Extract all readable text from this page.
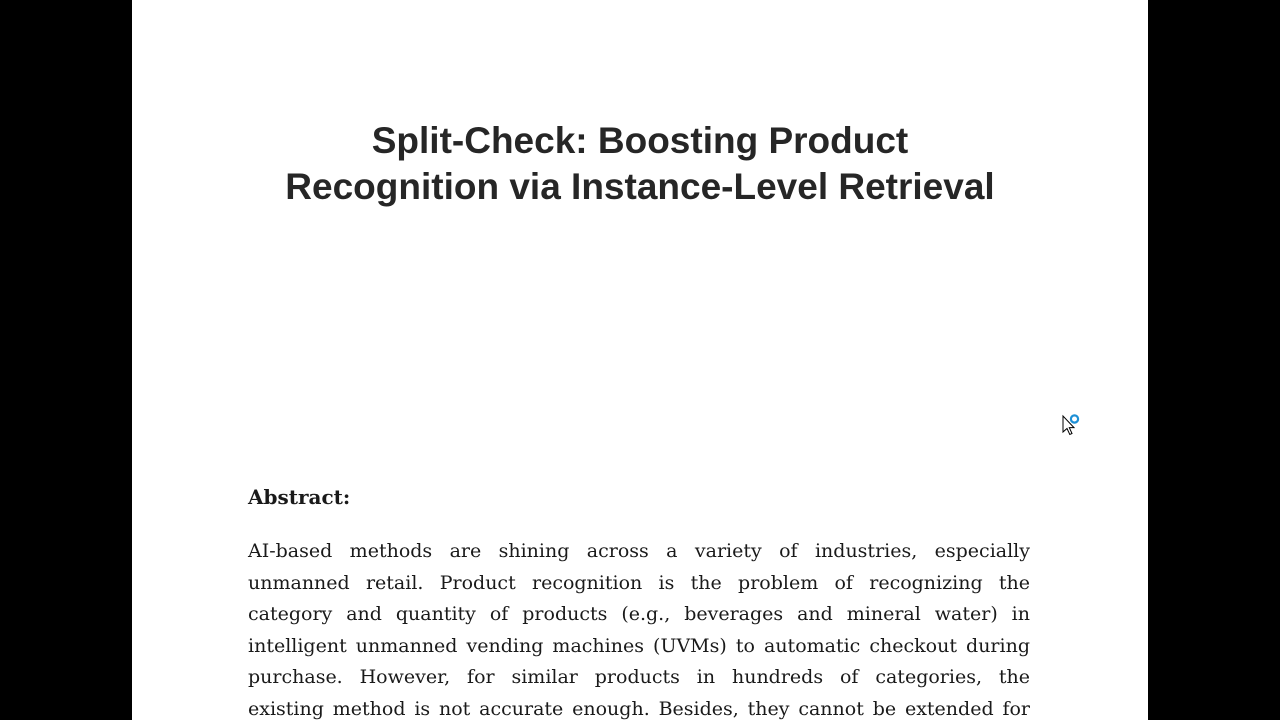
Split-Check: Boosting Product
Recognition via Instance-Level Retrieval
Abstract:

AI-based methods are shining across a variety of industries, especially
unmanned retail. Product recognition is the problem of recognizing the
category and quantity of products (e.g., beverages and mineral water) in
intelligent unmanned vending machines (UVMs) to automatic checkout during
purchase. However, for similar products in hundreds of categories, the
existing method is not accurate enough. Besides, they cannot be extended for
